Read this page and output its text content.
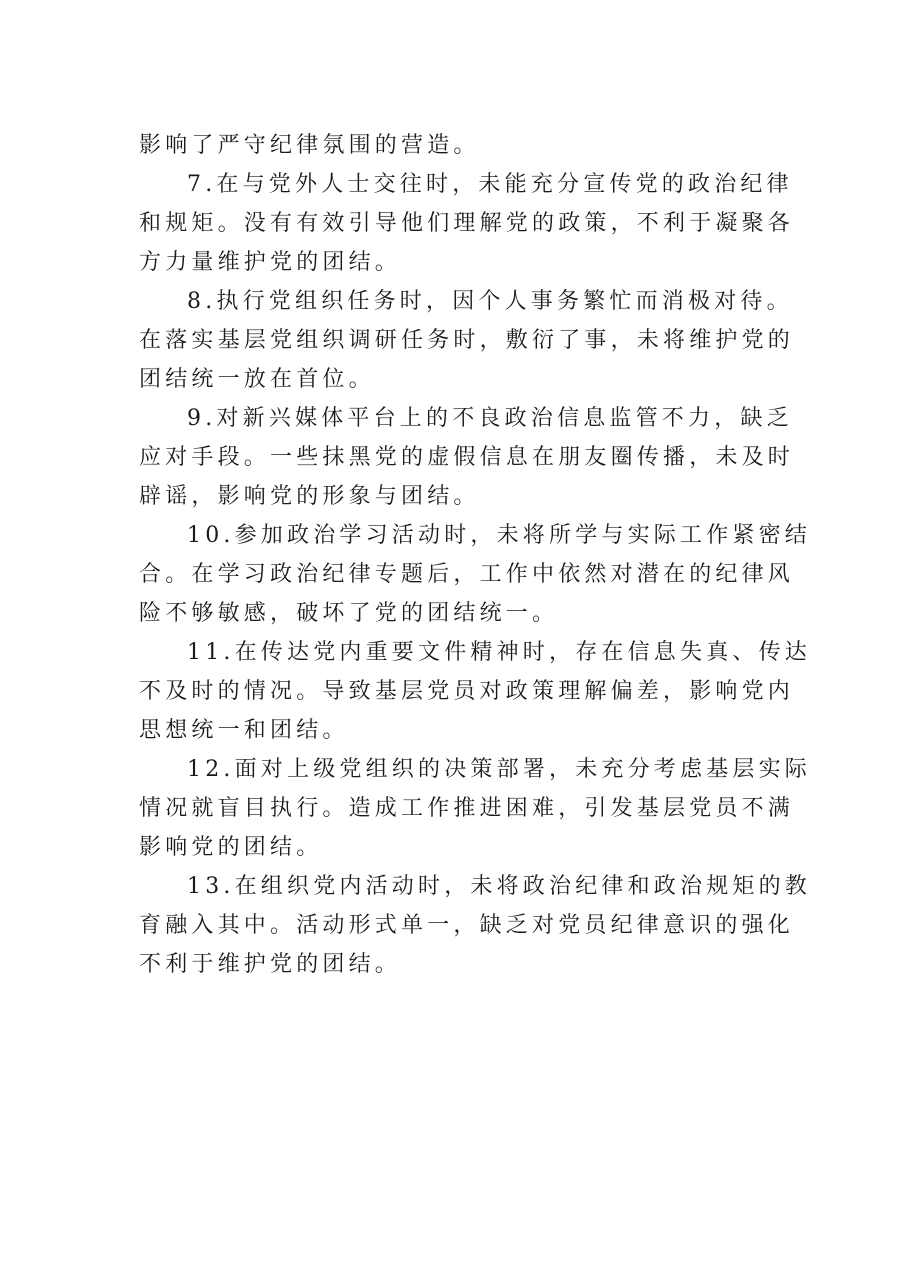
影响了严守纪律氛围的营造。

7.在与党外人士交往时，未能充分宣传党的政治纪律
和规矩。没有有效引导他们理解党的政策，不利于凝聚各
方力量维护党的团结。

8.执行党组织任务时，因个人事务繁忙而消极对待。
在落实基层党组织调研任务时，敷衍了事，未将维护党的
团结统一放在首位。

9.对新兴媒体平台上的不良政治信息监管不力，缺乏
应对手段。一些抹黑党的虚假信息在朋友圈传播，未及时
辟谣，影响党的形象与团结。

10.参加政治学习活动时，未将所学与实际工作紧密结
合。在学习政治纪律专题后，工作中依然对潜在的纪律风
险不够敏感，破坏了党的团结统一。

11.在传达党内重要文件精神时，存在信息失真、传达
不及时的情况。导致基层党员对政策理解偏差，影响党内
思想统一和团结。

12.面对上级党组织的决策部署，未充分考虑基层实际
情况就盲目执行。造成工作推进困难，引发基层党员不满
影响党的团结。

13.在组织党内活动时，未将政治纪律和政治规矩的教
育融入其中。活动形式单一，缺乏对党员纪律意识的强化
不利于维护党的团结。
